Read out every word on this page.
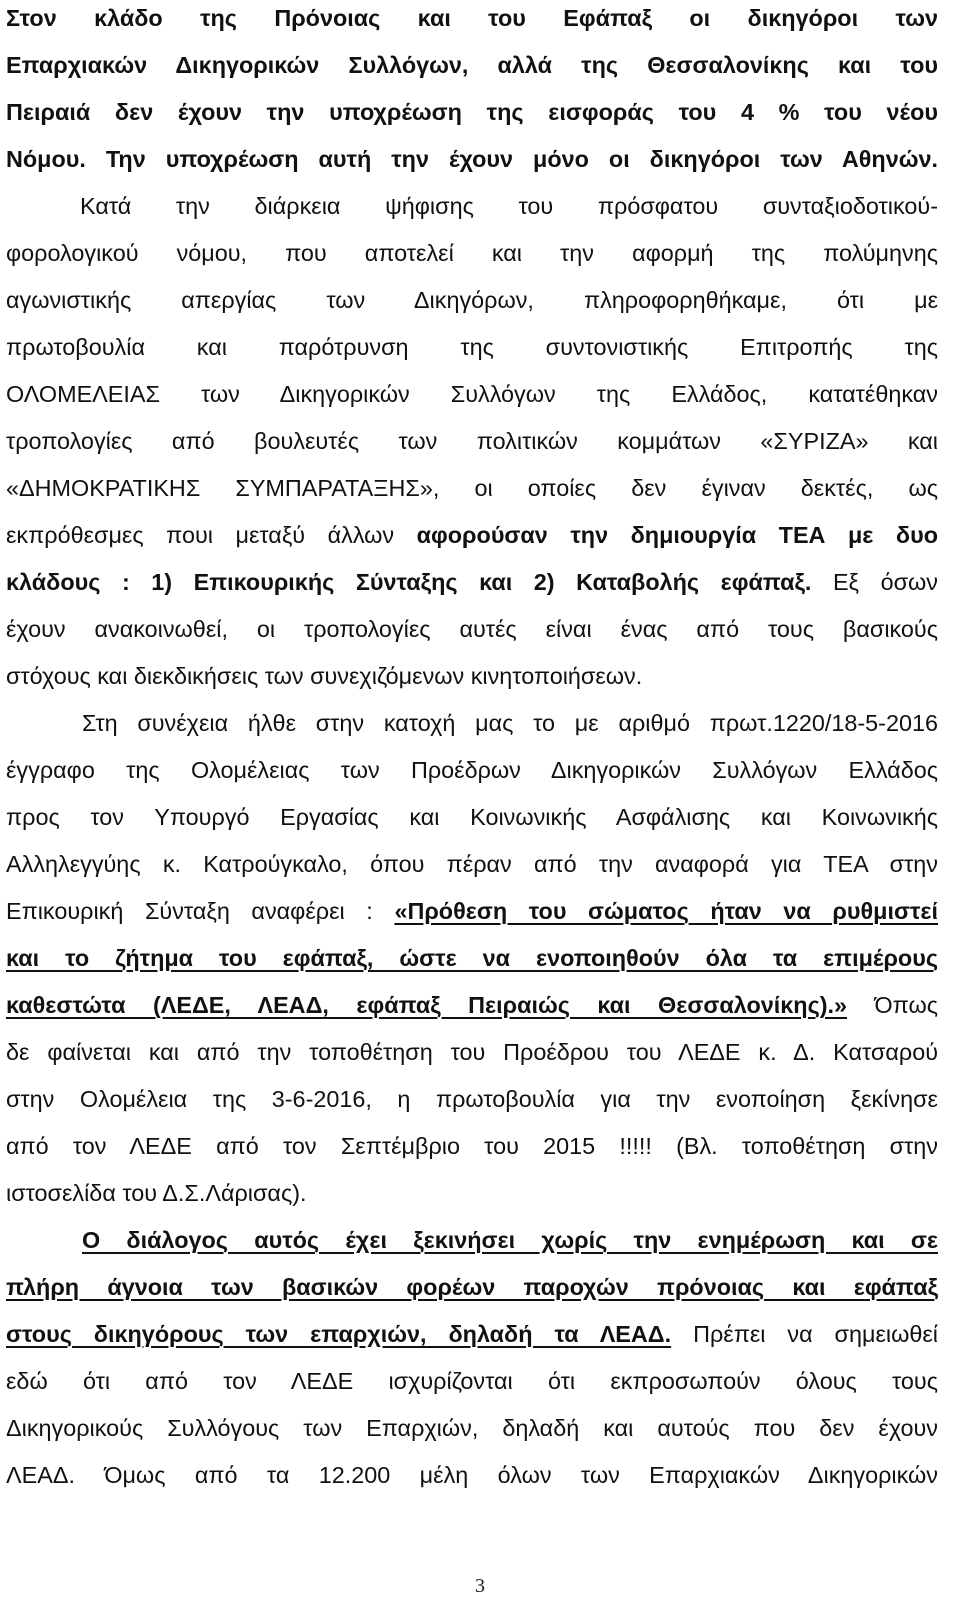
Στον κλάδο της Πρόνοιας και του Εφάπαξ οι δικηγόροι των
Επαρχιακών Δικηγορικών Συλλόγων, αλλά της Θεσσαλονίκης και του
Πειραιά δεν έχουν την υποχρέωση της εισφοράς του 4 % του νέου
Νόμου. Την υποχρέωση αυτή την έχουν μόνο οι δικηγόροι των Αθηνών.
Κατά την διάρκεια ψήφισης του πρόσφατου συνταξιοδοτικού-
φορολογικού νόμου, που αποτελεί και την αφορμή της πολύμηνης
αγωνιστικής απεργίας των Δικηγόρων, πληροφορηθήκαμε, ότι με
πρωτοβουλία και παρότρυνση της συντονιστικής Επιτροπής της
ΟΛΟΜΕΛΕΙΑΣ των Δικηγορικών Συλλόγων της Ελλάδος, κατατέθηκαν
τροπολογίες από βουλευτές των πολιτικών κομμάτων «ΣΥΡΙΖΑ» και
«ΔΗΜΟΚΡΑΤΙΚΗΣ ΣΥΜΠΑΡΑΤΑΞΗΣ», οι οποίες δεν έγιναν δεκτές, ως
εκπρόθεσμες πουι μεταξύ άλλων αφορούσαν την δημιουργία ΤΕΑ με δυο
κλάδους : 1) Επικουρικής Σύνταξης και 2) Καταβολής εφάπαξ. Εξ όσων
έχουν ανακοινωθεί, οι τροπολογίες αυτές είναι ένας από τους βασικούς
στόχους και διεκδικήσεις των συνεχιζόμενων κινητοποιήσεων.
Στη συνέχεια ήλθε στην κατοχή μας το με αριθμό πρωτ.1220/18-5-2016
έγγραφο της Ολομέλειας των Προέδρων Δικηγορικών Συλλόγων Ελλάδος
προς τον Υπουργό Εργασίας και Κοινωνικής Ασφάλισης και Κοινωνικής
Αλληλεγγύης κ. Κατρούγκαλο, όπου πέραν από την αναφορά για ΤΕΑ στην
Επικουρική Σύνταξη αναφέρει : «Πρόθεση του σώματος ήταν να ρυθμιστεί
και το ζήτημα του εφάπαξ, ώστε να ενοποιηθούν όλα τα επιμέρους
καθεστώτα (ΛΕΔΕ, ΛΕΑΔ, εφάπαξ Πειραιώς και Θεσσαλονίκης).» Όπως
δε φαίνεται και από την τοποθέτηση του Προέδρου του ΛΕΔΕ κ. Δ. Κατσαρού
στην Ολομέλεια της 3-6-2016, η πρωτοβουλία για την ενοποίηση ξεκίνησε
από τον ΛΕΔΕ από τον Σεπτέμβριο του 2015 !!!!! (Βλ. τοποθέτηση στην
ιστοσελίδα του Δ.Σ.Λάρισας).
Ο διάλογος αυτός έχει ξεκινήσει χωρίς την ενημέρωση και σε
πλήρη άγνοια των βασικών φορέων παροχών πρόνοιας και εφάπαξ
στους δικηγόρους των επαρχιών, δηλαδή τα ΛΕΑΔ. Πρέπει να σημειωθεί
εδώ ότι από τον ΛΕΔΕ ισχυρίζονται ότι εκπροσωπούν όλους τους
Δικηγορικούς Συλλόγους των Επαρχιών, δηλαδή και αυτούς που δεν έχουν
ΛΕΑΔ. Όμως από τα 12.200 μέλη όλων των Επαρχιακών Δικηγορικών
3
